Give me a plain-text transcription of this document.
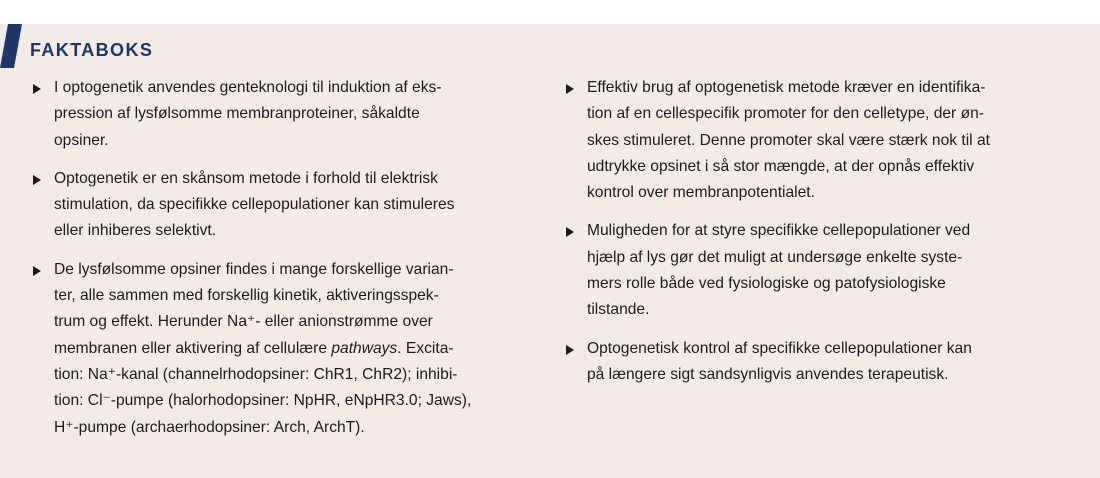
FAKTABOKS
I optogenetik anvendes genteknologi til induktion af eks-
pression af lysfølsomme membranproteiner, såkaldte
opsiner.
Optogenetik er en skånsom metode i forhold til elektrisk
stimulation, da specifikke cellepopulationer kan stimuleres
eller inhiberes selektivt.
De lysfølsomme opsiner findes i mange forskellige varian-
ter, alle sammen med forskellig kinetik, aktiveringsspek-
trum og effekt. Herunder Na⁺- eller anionstrømme over
membranen eller aktivering af cellulære pathways. Excita-
tion: Na⁺-kanal (channelrhodopsiner: ChR1, ChR2); inhibi-
tion: Cl⁻-pumpe (halorhodopsiner: NpHR, eNpHR3.0; Jaws),
H⁺-pumpe (archaerhodopsiner: Arch, ArchT).
Effektiv brug af optogenetisk metode kræver en identifika-
tion af en cellespecifik promoter for den celletype, der øn-
skes stimuleret. Denne promoter skal være stærk nok til at
udtrykke opsinet i så stor mængde, at der opnås effektiv
kontrol over membranpotentialet.
Muligheden for at styre specifikke cellepopulationer ved
hjælp af lys gør det muligt at undersøge enkelte syste-
mers rolle både ved fysiologiske og patofysiologiske
tilstande.
Optogenetisk kontrol af specifikke cellepopulationer kan
på længere sigt sandsynligvis anvendes terapeutisk.
